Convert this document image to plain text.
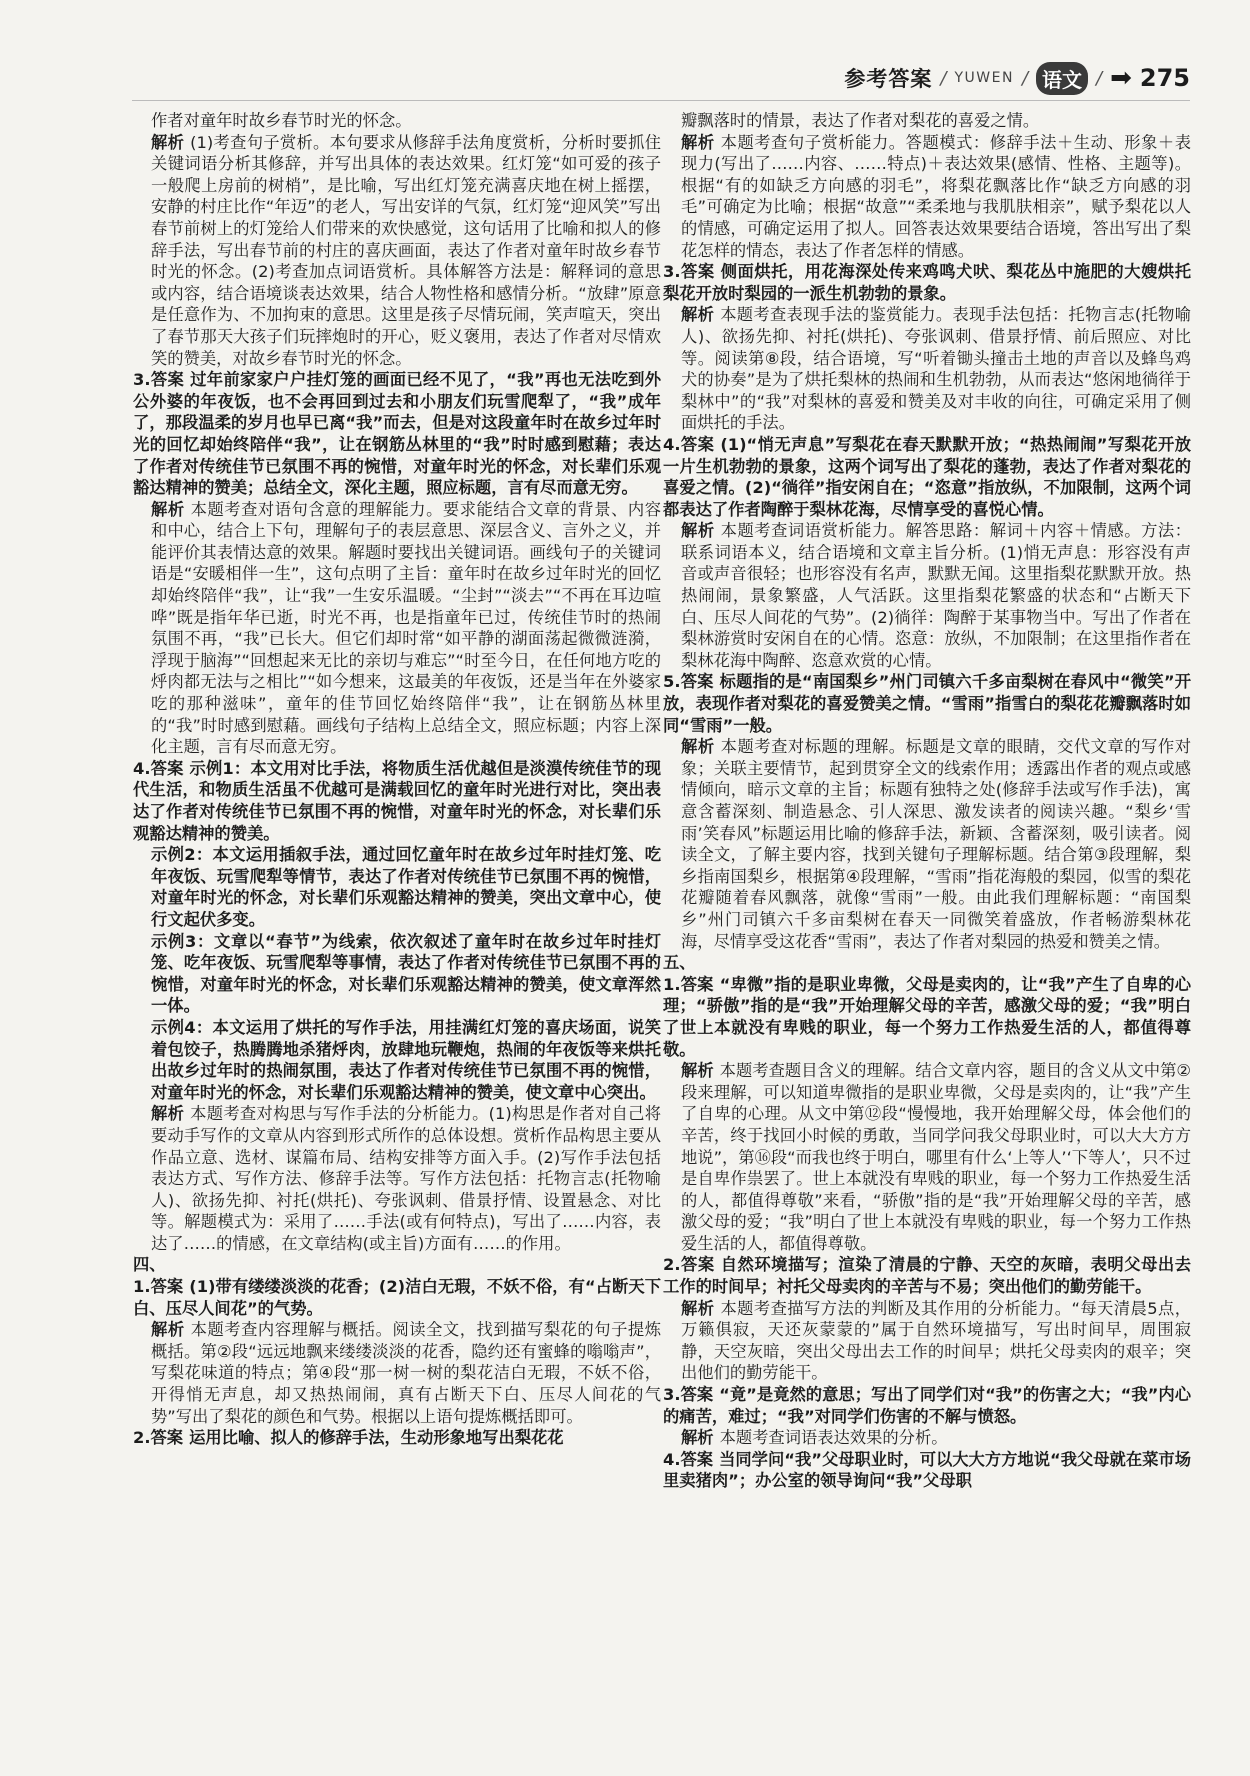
参考答案 / YUWEN / 语文 / ➡ 275

作者对童年时故乡春节时光的怀念。

解析 (1)考查句子赏析。本句要求从修辞手法角度赏析，分析时要抓住关键词语分析其修辞，并写出具体的表达效果。红灯笼“如可爱的孩子一般爬上房前的树梢”，是比喻，写出红灯笼充满喜庆地在树上摇摆，安静的村庄比作“年迈”的老人，写出安详的气氛，红灯笼“迎风笑”写出春节前树上的灯笼给人们带来的欢快感觉，这句话用了比喻和拟人的修辞手法，写出春节前的村庄的喜庆画面，表达了作者对童年时故乡春节时光的怀念。(2)考查加点词语赏析。具体解答方法是：解释词的意思或内容，结合语境谈表达效果，结合人物性格和感情分析。“放肆”原意是任意作为、不加拘束的意思。这里是孩子尽情玩闹，笑声喧天，突出了春节那天大孩子们玩摔炮时的开心，贬义褒用，表达了作者对尽情欢笑的赞美，对故乡春节时光的怀念。

3.答案 过年前家家户户挂灯笼的画面已经不见了，“我”再也无法吃到外公外婆的年夜饭，也不会再回到过去和小朋友们玩雪爬犁了，“我”成年了，那段温柔的岁月也早已离“我”而去，但是对这段童年时在故乡过年时光的回忆却始终陪伴“我”，让在钢筋丛林里的“我”时时感到慰藉；表达了作者对传统佳节已氛围不再的惋惜，对童年时光的怀念，对长辈们乐观豁达精神的赞美；总结全文，深化主题，照应标题，言有尽而意无穷。

解析 本题考查对语句含意的理解能力。要求能结合文章的背景、内容和中心，结合上下句，理解句子的表层意思、深层含义、言外之义，并能评价其表情达意的效果。解题时要找出关键词语。画线句子的关键词语是“安暖相伴一生”，这句点明了主旨：童年时在故乡过年时光的回忆却始终陪伴“我”，让“我”一生安乐温暖。“尘封”“淡去”“不再在耳边喧哗”既是指年华已逝，时光不再，也是指童年已过，传统佳节时的热闹氛围不再，“我”已长大。但它们却时常“如平静的湖面荡起微微涟漪，浮现于脑海”“回想起来无比的亲切与难忘”“时至今日，在任何地方吃的烀肉都无法与之相比”“如今想来，这最美的年夜饭，还是当年在外婆家吃的那种滋味”，童年的佳节回忆始终陪伴“我”，让在钢筋丛林里的“我”时时感到慰藉。画线句子结构上总结全文，照应标题；内容上深化主题，言有尽而意无穷。

4.答案 示例1：本文用对比手法，将物质生活优越但是淡漠传统佳节的现代生活，和物质生活虽不优越可是满载回忆的童年时光进行对比，突出表达了作者对传统佳节已氛围不再的惋惜，对童年时光的怀念，对长辈们乐观豁达精神的赞美。

示例2：本文运用插叙手法，通过回忆童年时在故乡过年时挂灯笼、吃年夜饭、玩雪爬犁等情节，表达了作者对传统佳节已氛围不再的惋惜，对童年时光的怀念，对长辈们乐观豁达精神的赞美，突出文章中心，使行文起伏多变。

示例3：文章以“春节”为线索，依次叙述了童年时在故乡过年时挂灯笼、吃年夜饭、玩雪爬犁等事情，表达了作者对传统佳节已氛围不再的惋惜，对童年时光的怀念，对长辈们乐观豁达精神的赞美，使文章浑然一体。

示例4：本文运用了烘托的写作手法，用挂满红灯笼的喜庆场面，说笑着包饺子，热腾腾地杀猪烀肉，放肆地玩鞭炮，热闹的年夜饭等来烘托出故乡过年时的热闹氛围，表达了作者对传统佳节已氛围不再的惋惜，对童年时光的怀念，对长辈们乐观豁达精神的赞美，使文章中心突出。

解析 本题考查对构思与写作手法的分析能力。(1)构思是作者对自己将要动手写作的文章从内容到形式所作的总体设想。赏析作品构思主要从作品立意、选材、谋篇布局、结构安排等方面入手。(2)写作手法包括表达方式、写作方法、修辞手法等。写作方法包括：托物言志(托物喻人)、欲扬先抑、衬托(烘托)、夸张讽刺、借景抒情、设置悬念、对比等。解题模式为：采用了……手法(或有何特点)，写出了……内容，表达了……的情感，在文章结构(或主旨)方面有……的作用。

四、

1.答案 (1)带有缕缕淡淡的花香；(2)洁白无瑕，不妖不俗，有“占断天下白、压尽人间花”的气势。

解析 本题考查内容理解与概括。阅读全文，找到描写梨花的句子提炼概括。第②段“远远地飘来缕缕淡淡的花香，隐约还有蜜蜂的嗡嗡声”，写梨花味道的特点；第④段“那一树一树的梨花洁白无瑕，不妖不俗，开得悄无声息，却又热热闹闹，真有占断天下白、压尽人间花的气势”写出了梨花的颜色和气势。根据以上语句提炼概括即可。

2.答案 运用比喻、拟人的修辞手法，生动形象地写出梨花花

瓣飘落时的情景，表达了作者对梨花的喜爱之情。

解析 本题考查句子赏析能力。答题模式：修辞手法＋生动、形象＋表现力(写出了……内容、……特点)＋表达效果(感情、性格、主题等)。根据“有的如缺乏方向感的羽毛”，将梨花飘落比作“缺乏方向感的羽毛”可确定为比喻；根据“故意”“柔柔地与我肌肤相亲”，赋予梨花以人的情感，可确定运用了拟人。回答表达效果要结合语境，答出写出了梨花怎样的情态，表达了作者怎样的情感。

3.答案 侧面烘托，用花海深处传来鸡鸣犬吠、梨花丛中施肥的大嫂烘托梨花开放时梨园的一派生机勃勃的景象。

解析 本题考查表现手法的鉴赏能力。表现手法包括：托物言志(托物喻人)、欲扬先抑、衬托(烘托)、夸张讽刺、借景抒情、前后照应、对比等。阅读第⑧段，结合语境，写“听着锄头撞击土地的声音以及蜂鸟鸡犬的协奏”是为了烘托梨林的热闹和生机勃勃，从而表达“悠闲地徜徉于梨林中”的“我”对梨林的喜爱和赞美及对丰收的向往，可确定采用了侧面烘托的手法。

4.答案 (1)“悄无声息”写梨花在春天默默开放；“热热闹闹”写梨花开放一片生机勃勃的景象，这两个词写出了梨花的蓬勃，表达了作者对梨花的喜爱之情。(2)“徜徉”指安闲自在；“恣意”指放纵，不加限制，这两个词都表达了作者陶醉于梨林花海，尽情享受的喜悦心情。

解析 本题考查词语赏析能力。解答思路：解词＋内容＋情感。方法：联系词语本义，结合语境和文章主旨分析。(1)悄无声息：形容没有声音或声音很轻；也形容没有名声，默默无闻。这里指梨花默默开放。热热闹闹，景象繁盛，人气活跃。这里指梨花繁盛的状态和“占断天下白、压尽人间花的气势”。(2)徜徉：陶醉于某事物当中。写出了作者在梨林游赏时安闲自在的心情。恣意：放纵，不加限制；在这里指作者在梨林花海中陶醉、恣意欢赏的心情。

5.答案 标题指的是“南国梨乡”州门司镇六千多亩梨树在春风中“微笑”开放，表现作者对梨花的喜爱赞美之情。“雪雨”指雪白的梨花花瓣飘落时如同“雪雨”一般。

解析 本题考查对标题的理解。标题是文章的眼睛，交代文章的写作对象；关联主要情节，起到贯穿全文的线索作用；透露出作者的观点或感情倾向，暗示文章的主旨；标题有独特之处(修辞手法或写作手法)，寓意含蓄深刻、制造悬念、引人深思、激发读者的阅读兴趣。“梨乡‘雪雨’笑春风”标题运用比喻的修辞手法，新颖、含蓄深刻，吸引读者。阅读全文，了解主要内容，找到关键句子理解标题。结合第③段理解，梨乡指南国梨乡，根据第④段理解，“雪雨”指花海般的梨园，似雪的梨花花瓣随着春风飘落，就像“雪雨”一般。由此我们理解标题：“南国梨乡”州门司镇六千多亩梨树在春天一同微笑着盛放，作者畅游梨林花海，尽情享受这花香“雪雨”，表达了作者对梨园的热爱和赞美之情。

五、

1.答案 “卑微”指的是职业卑微，父母是卖肉的，让“我”产生了自卑的心理；“骄傲”指的是“我”开始理解父母的辛苦，感激父母的爱；“我”明白了世上本就没有卑贱的职业，每一个努力工作热爱生活的人，都值得尊敬。

解析 本题考查题目含义的理解。结合文章内容，题目的含义从文中第②段来理解，可以知道卑微指的是职业卑微，父母是卖肉的，让“我”产生了自卑的心理。从文中第⑫段“慢慢地，我开始理解父母，体会他们的辛苦，终于找回小时候的勇敢，当同学问我父母职业时，可以大大方方地说”，第⑯段“而我也终于明白，哪里有什么‘上等人’‘下等人’，只不过是自卑作祟罢了。世上本就没有卑贱的职业，每一个努力工作热爱生活的人，都值得尊敬”来看，“骄傲”指的是“我”开始理解父母的辛苦，感激父母的爱；“我”明白了世上本就没有卑贱的职业，每一个努力工作热爱生活的人，都值得尊敬。

2.答案 自然环境描写；渲染了清晨的宁静、天空的灰暗，表明父母出去工作的时间早；衬托父母卖肉的辛苦与不易；突出他们的勤劳能干。

解析 本题考查描写方法的判断及其作用的分析能力。“每天清晨5点，万籁俱寂，天还灰蒙蒙的”属于自然环境描写，写出时间早，周围寂静，天空灰暗，突出父母出去工作的时间早；烘托父母卖肉的艰辛；突出他们的勤劳能干。

3.答案 “竟”是竟然的意思；写出了同学们对“我”的伤害之大；“我”内心的痛苦，难过；“我”对同学们伤害的不解与愤怒。

解析 本题考查词语表达效果的分析。

4.答案 当同学问“我”父母职业时，可以大大方方地说“我父母就在菜市场里卖猪肉”；办公室的领导询问“我”父母职
